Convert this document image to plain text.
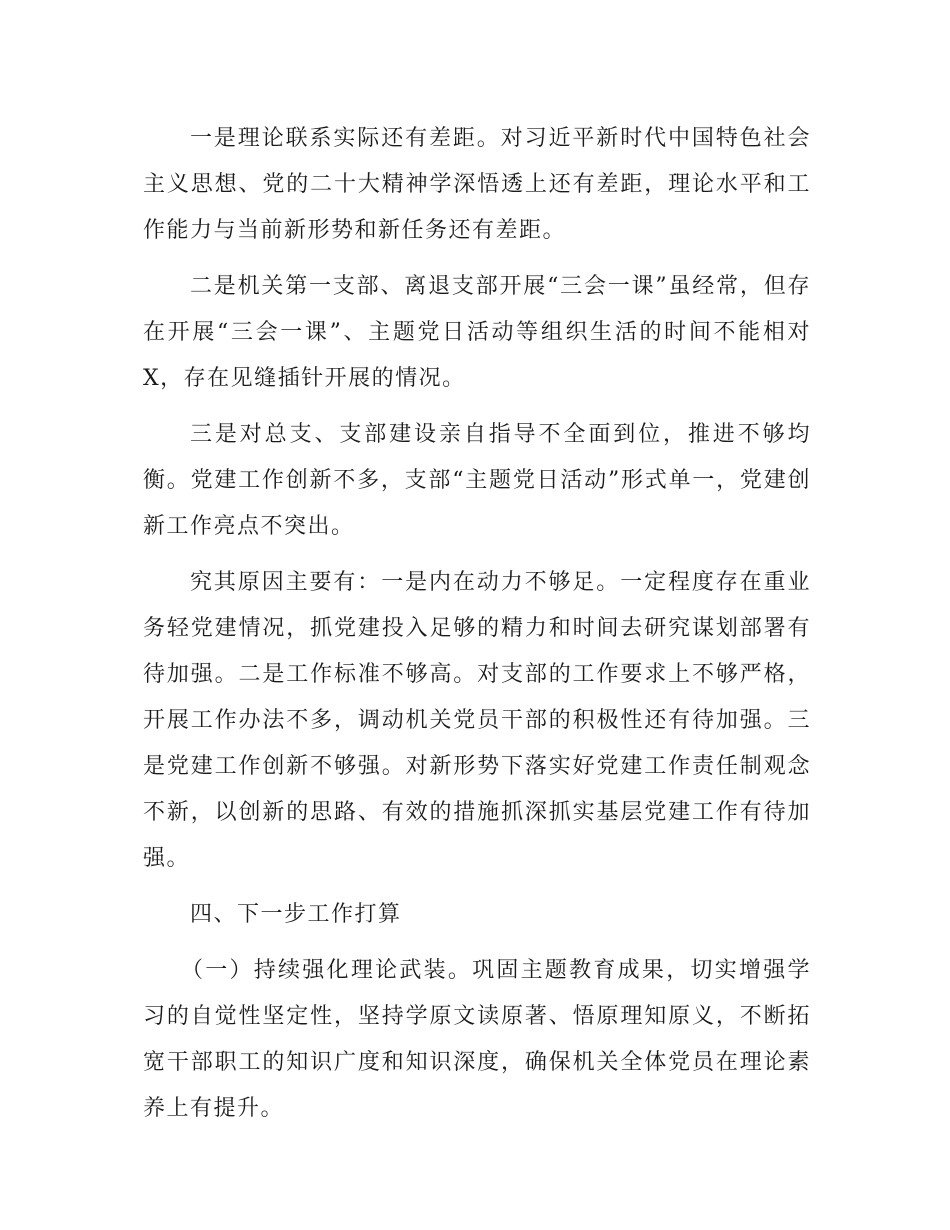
一是理论联系实际还有差距。对习近平新时代中国特色社会主义思想、党的二十大精神学深悟透上还有差距，理论水平和工作能力与当前新形势和新任务还有差距。

二是机关第一支部、离退支部开展“三会一课”虽经常，但存在开展“三会一课”、主题党日活动等组织生活的时间不能相对X，存在见缝插针开展的情况。

三是对总支、支部建设亲自指导不全面到位，推进不够均衡。党建工作创新不多，支部“主题党日活动”形式单一，党建创新工作亮点不突出。

究其原因主要有：一是内在动力不够足。一定程度存在重业务轻党建情况，抓党建投入足够的精力和时间去研究谋划部署有待加强。二是工作标准不够高。对支部的工作要求上不够严格，开展工作办法不多，调动机关党员干部的积极性还有待加强。三是党建工作创新不够强。对新形势下落实好党建工作责任制观念不新，以创新的思路、有效的措施抓深抓实基层党建工作有待加强。

四、下一步工作打算

（一）持续强化理论武装。巩固主题教育成果，切实增强学习的自觉性坚定性，坚持学原文读原著、悟原理知原义，不断拓宽干部职工的知识广度和知识深度，确保机关全体党员在理论素养上有提升。
